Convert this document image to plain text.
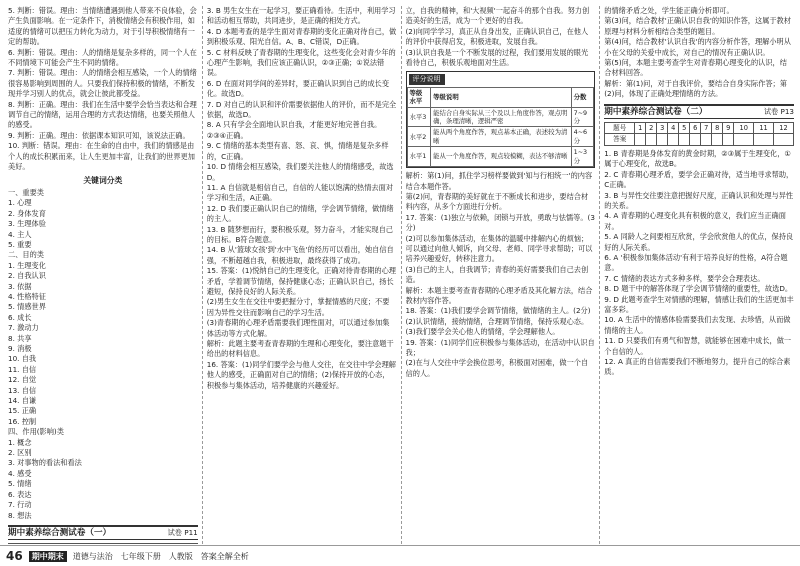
5. 判断：错误。理由：当情绪遭遇到他人带来不良体验，会产生负面影响。在一定条件下，消极情绪会有积极作用，如适度的情绪可以把压力转化为动力，对于引导积极情绪有一定的帮助。

6. 判断：错误。理由：人的情绪是复杂多样的，同一个人在不同情境下可能会产生不同的情绪。

7. 判断：错误。理由：人的情绪会相互感染，一个人的情绪很容易影响到周围的人。只要我们保持积极的情绪，不断发现并学习别人的优点，就会让彼此都受益。

8. 判断：正确。理由：我们在生活中要学会恰当表达和合理调节自己的情绪，运用合理的方式表达情绪，也要关照他人的感受。

9. 判断：正确。理由：依据课本知识可知，该说法正确。

10. 判断：错误。理由：在生命的自由中，我们的情感是由个人的成长积累而来，让人生更加丰富，让我们的世界更加美好。

关键词分类

一、重要类

1. 心理

2. 身体发育

3. 生理体验

4. 主人

5. 重要

二、目的类

1. 生理变化

2. 自我认识

3. 依据

4. 性格特征

5. 情感世界

6. 成长

7. 激动力

8. 共享

9. 消极

10. 自我

11. 自信

12. 自觉

13. 自信

14. 自谦

15. 正确

16. 控制

四、作用(影响)类

1. 概念

2. 区别

3. 对事物的看法和看法

4. 感受

5. 情绪

6. 表达

7. 行动

8. 想法

期中素养综合测试卷（一）	试卷 P11

3. B 男生女生在一起学习，要正确看待。生活中，利用学习和活动相互帮助，共同进步，是正确的相处方式。

4. D 本题考查的是学生面对青春期的变化正确对待自己，做到积极乐观、阳光自信。A、B、C错误，D正确。

5. C 材料反映了青春期的生理变化，这些变化会对青少年的心理产生影响，我们应该正确认识，②③正确；①说法错误。

6. D 在面对同学间的差异时，要正确认识到自己的成长变化。故选D。

7. D 对自己的认识和评价需要依据他人的评价，而不是完全依据，故选D。

8. A 只有学会全面地认识自我，才能更好地完善自我。②③④正确。

9. C 情绪的基本类型有喜、怒、哀、惧，情绪是复杂多样的，C正确。

10. D 情绪会相互感染，我们要关注他人的情绪感受，故选D。

11. A 自信就是相信自己，自信的人能以饱满的热情去面对学习和生活，A正确。

12. D 我们要正确认识自己的情绪，学会调节情绪，做情绪的主人。

13. B 随梦想而行，要积极乐观，努力奋斗，才能实现自己的目标。B符合题意。

14. B 从'篮球女孩'到'水中飞鱼'的经历可以看出，她自信自强，不断超越自我，积极进取，最终获得了成功。

15. 答案：(1)悦纳自己的生理变化，正确对待青春期的心理矛盾，学着调节情绪，保持健康心态；正确认识自己，扬长避短，保持良好的人际关系。

(2)男生女生在交往中要把握分寸，掌握情感的尺度；不要因为异性交往而影响自己的学习生活。

(3)青春期的心理矛盾需要我们理性面对，可以通过参加集体活动等方式化解。

解析：此题主要考查青春期的生理和心理变化，要注意题干给出的材料信息。

16. 答案：(1)同学们要学会与他人交往，在交往中学会理解他人的感受，正确面对自己的情绪；(2)保持开放的心态，积极参与集体活动，培养健康的兴趣爱好。

立，自我的精神，和'大视频'一起奋斗的那个自我。努力创造美好的生活，成为一个更好的自我。

(2)向同学学习，真正从自身出发，正确认识自己，在他人的评价中获得启发，积极进取，发展自我。

(3)认识自我是一个不断发展的过程，我们要用发展的眼光看待自己，积极乐观地面对生活。

评分说明
等级水平	等级说明	分数
水平3	能结合自身实际从三个及以上角度作答，观点明确，条理清晰，逻辑严密	7~9分
水平2	能从两个角度作答，观点基本正确，表述较为清晰	4~6分
水平1	能从一个角度作答，观点较模糊，表达不够清晰	1~3分

解析：第(1)问，抓住学习榜样要做到'知与行相统一'的内容结合本题作答。

第(2)问，青春期的美好就在于不断成长和进步，要结合材料内容，从多个方面进行分析。

17. 答案：(1)独立与依赖，闭锁与开放，勇敢与怯懦等。(3分)

(2)可以参加集体活动，在集体的温暖中排解内心的烦恼；可以通过向他人倾诉，向父母、老师、同学寻求帮助；可以培养兴趣爱好，转移注意力。

(3)自己的主人，自我调节；青春的美好需要我们自己去创造。

解析：本题主要考查青春期的心理矛盾及其化解方法，结合教材内容作答。

18. 答案：(1)我们要学会调节情绪，做情绪的主人。(2分)

(2)认识情绪，接纳情绪，合理调节情绪，保持乐观心态。

(3)我们要学会关心他人的情绪，学会理解他人。

19. 答案：(1)同学们应积极参与集体活动，在活动中认识自我；

(2)在与人交往中学会换位思考，积极面对困难，做一个自信的人。

的情绪矛盾之处，学生能正确分析即可。

第(3)问，结合教材'正确认识自我'的知识作答，这属于教材原理与材料分析相结合类型的题目。

第(4)问，结合教材'认识自我'的内容分析作答，理解小明从小在父母的关爱中成长，对自己的情况有正确认识。

第(5)问，本题主要考查学生对青春期心理变化的认识，结合材料回答。

解析：第(1)问，对于自我评价，要结合自身实际作答；第(2)问，体现了正确处理情绪的方法。

期中素养综合测试卷（二）	试卷 P13
题号	1	2	3	4	5	6	7	8	9	10	11	12
答案												

1. B 青春期是身体发育的黄金时期，②③属于生理变化，①属于心理变化，故选B。

2. C 青春期心理矛盾，要学会正确对待，适当地寻求帮助，C正确。

3. B 与异性交往要注意把握好尺度，正确认识和处理与异性的关系。

4. A 青春期的心理变化具有积极的意义，我们应当正确面对。

5. A 同龄人之间要相互欣赏，学会欣赏他人的优点，保持良好的人际关系。

6. A '积极参加集体活动'有利于培养良好的性格，A符合题意。

7. C 情绪的表达方式多种多样，要学会合理表达。

8. D 题干中的解答体现了学会调节情绪的重要性，故选D。

9. D 此题考查学生对情感的理解，情感让我们的生活更加丰富多彩。

10. A 生活中的情感体验需要我们去发现、去珍惜，从而做情绪的主人。

11. D 只要我们有勇气和智慧，就能够在困难中成长，做一个自信的人。

12. A 真正的自信需要我们不断地努力，提升自己的综合素质。

46	期中期末	道德与法治 七年级下册 人教版 答案全解全析
